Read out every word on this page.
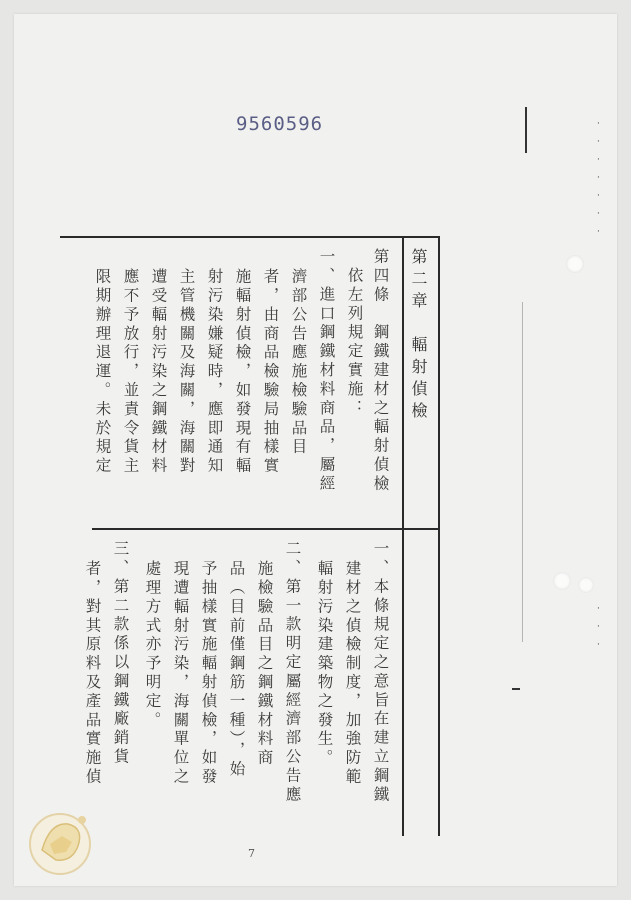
9560596	·
·
·
·
·
·
·
·
·
·
第二章　輻射偵檢
第四條　鋼鐵建材之輻射偵檢
　依左列規定實施：
一、進口鋼鐵材料商品，屬經
濟部公告應施檢驗品目
者，由商品檢驗局抽樣實
施輻射偵檢，如發現有輻
射污染嫌疑時，應即通知
主管機關及海關，海關對
遭受輻射污染之鋼鐵材料
應不予放行，並責令貨主
限期辦理退運。未於規定
一、本條規定之意旨在建立鋼鐵
建材之偵檢制度，加強防範
輻射污染建築物之發生。
二、第一款明定屬經濟部公告應
施檢驗品目之鋼鐵材料商
品（目前僅鋼筋一種），始
予抽樣實施輻射偵檢，如發
現遭輻射污染，海關單位之
處理方式亦予明定。
三、第二款係以鋼鐵廠銷貨
者，對其原料及產品實施偵
7
